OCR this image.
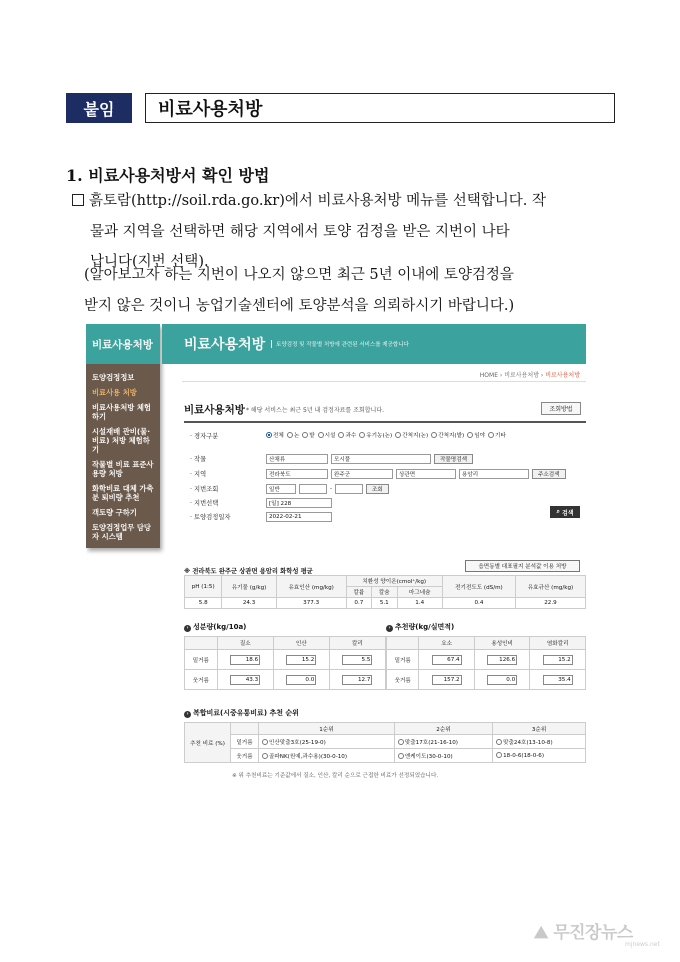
붙임	비료사용처방
1. 비료사용처방서 확인 방법
흙토람(http://soil.rda.go.kr)에서 비료사용처방 메뉴를 선택합니다. 작
물과 지역을 선택하면 해당 지역에서 토양 검정을 받은 지번이 나타
납니다(지번 선택).
(알아보고자 하는 지번이 나오지 않으면 최근 5년 이내에 토양검정을
받지 않은 것이니 농업기술센터에 토양분석을 의뢰하시기 바랍니다.)
비료사용처방
토양검정정보
비료사용 처방
비료사용처방 체험하기
시설재배 관비(물·비료) 처방 체험하기
작물별 비료 표준사용량 처방
화학비료 대체 가축분 퇴비량 추천
객토량 구하기
토양검정업무 담당자 시스템
비료사용처방	토양검정 및 작물별 처방에 관련된 서비스를 제공합니다
HOME › 비료사용처방 › 비료사용처방
비료사용처방 * 해당 서비스는 최근 5년 내 검정자료를 조회합니다.	조회방법
· 경자구분	전체	논	밭	시설	과수	유기농(논)	간척지(논)	간척지(밭)	임야	기타
· 작물	산채류	모시풀	작물명검색
· 지역	전라북도	완주군	상관면	용암리	주소검색
· 지번조회	일반	-	조회
· 지번선택	[일] 228
· 토양검정일자	2022-02-21
⌕
검색
※ 전라북도 완주군 상관면 용암리 화학성 평균
읍면동별 대표필지 분석값 이용 처방
pH (1:5)	유기물 (g/kg)	유효인산 (mg/kg)	치환성 양이온(cmol⁺/kg)			전기전도도 (dS/m)	유효규산 (mg/kg)
			칼륨	칼슘	마그네슘		
5.8	24.3	377.3	0.7	5.1	1.4	0.4	22.9
› 성분량(kg/10a)
	질소	인산	칼리
밑거름	18.6	15.2	5.5
웃거름	43.3	0.0	12.7
› 추천량(kg/실면적)
	요소	용성인비	염화칼리
밑거름	67.4	126.6	15.2
웃거름	157.2	0.0	35.4
› 복합비료(시중유통비료) 추천 순위
추천 비료 (%)		1순위	2순위	3순위
	밑거름	인산맞춤3호(25-19-0)	맞춤17호(21-16-10)	맞춤24호(13-10-8)
	웃거름	골파NK(원예,과수용)(30-0-10)	엔케이도(30-0-10)	18-0-6(18-0-6)
※ 위 추천비료는 기준값에서 질소, 인산, 칼리 순으로 근접한 비료가 선정되었습니다.
⛰ 무진장뉴스
mjnews.net
